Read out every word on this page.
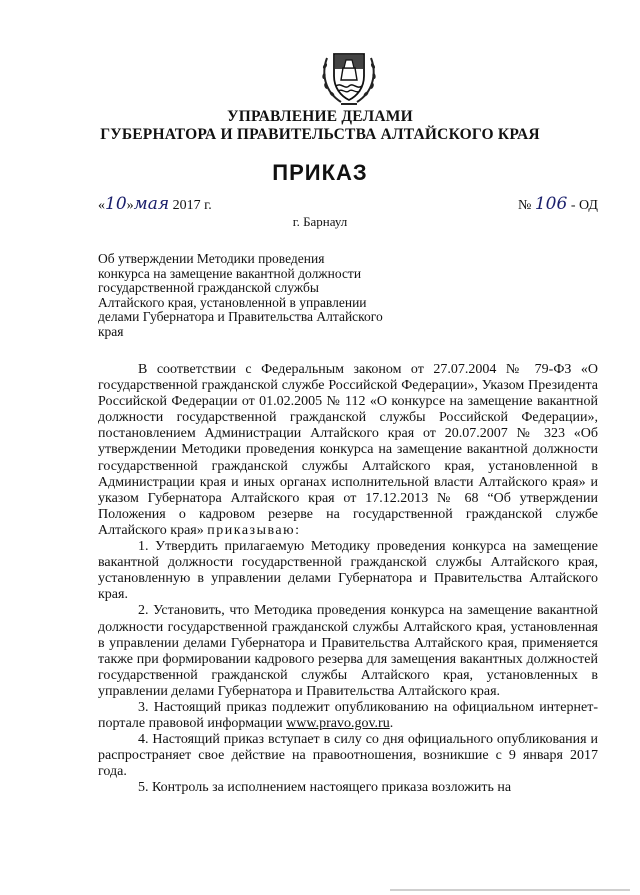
УПРАВЛЕНИЕ ДЕЛАМИ
ГУБЕРНАТОРА И ПРАВИТЕЛЬСТВА АЛТАЙСКОГО КРАЯ
ПРИКАЗ
«10»мая 2017 г.	№ 106 - ОД
г. Барнаул
Об утверждении Методики проведения
конкурса на замещение вакантной должности
государственной гражданской службы
Алтайского края, установленной в управлении
делами Губернатора и Правительства Алтайского
края

В соответствии с Федеральным законом от 27.07.2004 № 79-ФЗ «О государственной гражданской службе Российской Федерации», Указом Президента Российской Федерации от 01.02.2005 № 112 «О конкурсе на замещение вакантной должности государственной гражданской службы Российской Федерации», постановлением Администрации Алтайского края от 20.07.2007 № 323 «Об утверждении Методики проведения конкурса на замещение вакантной должности государственной гражданской службы Алтайского края, установленной в Администрации края и иных органах исполнительной власти Алтайского края» и указом Губернатора Алтайского края от 17.12.2013 № 68 “Об утверждении Положения о кадровом резерве на государственной гражданской службе Алтайского края» приказываю:

1. Утвердить прилагаемую Методику проведения конкурса на замещение вакантной должности государственной гражданской службы Алтайского края, установленную в управлении делами Губернатора и Правительства Алтайского края.

2. Установить, что Методика проведения конкурса на замещение вакантной должности государственной гражданской службы Алтайского края, установленная в управлении делами Губернатора и Правительства Алтайского края, применяется также при формировании кадрового резерва для замещения вакантных должностей государственной гражданской службы Алтайского края, установленных в управлении делами Губернатора и Правительства Алтайского края.

3. Настоящий приказ подлежит опубликованию на официальном интернет-портале правовой информации www.pravo.gov.ru.

4. Настоящий приказ вступает в силу со дня официального опубликования и распространяет свое действие на правоотношения, возникшие с 9 января 2017 года.

5. Контроль за исполнением настоящего приказа возложить на
